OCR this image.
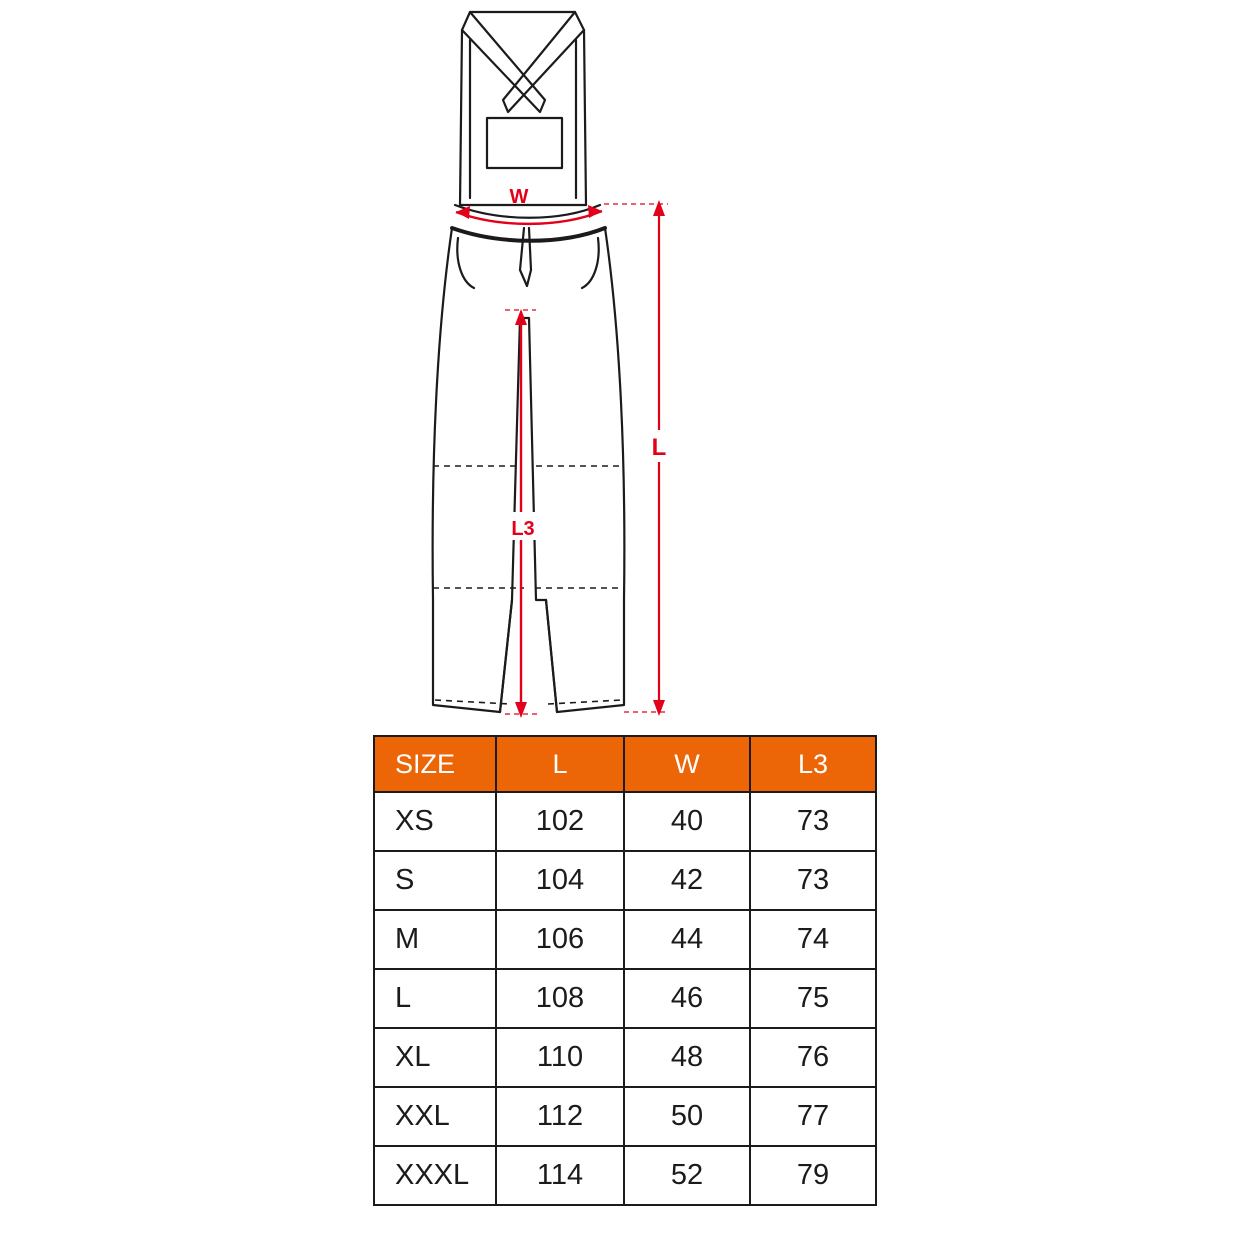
W
L
L3
SIZE	L	W	L3
XS	102	40	73
S	104	42	73
M	106	44	74
L	108	46	75
XL	110	48	76
XXL	112	50	77
XXXL	114	52	79
